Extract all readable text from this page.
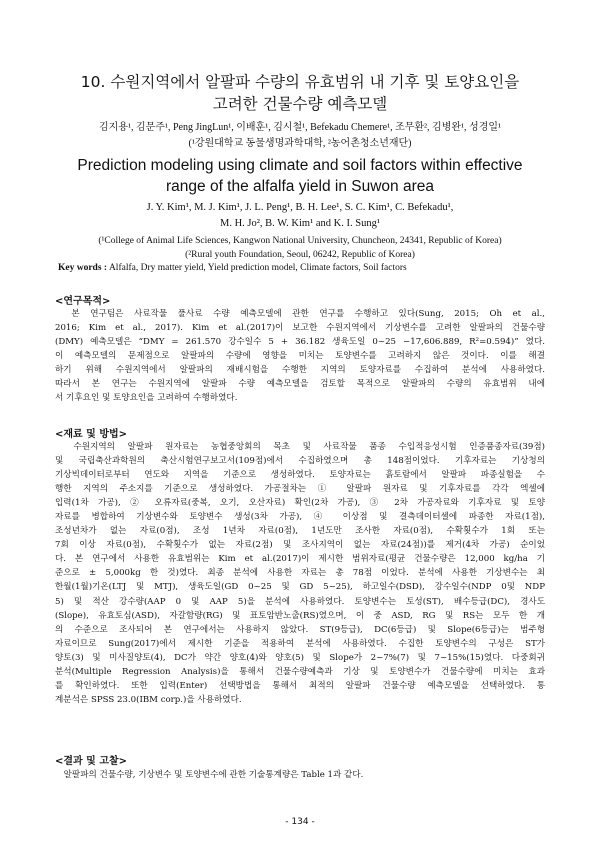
10. 수원지역에서 알팔파 수량의 유효범위 내 기후 및 토양요인을
고려한 건물수량 예측모델
김지용¹, 김문주¹, Peng JingLun¹, 이배훈¹, 김시철¹, Befekadu Chemere¹, 조무환², 김병완¹, 성경일¹
(¹강원대학교 동물생명과학대학, ²농어촌청소년재단)
Prediction modeling using climate and soil factors within effective
range of the alfalfa yield in Suwon area
J. Y. Kim¹, M. J. Kim¹, J. L. Peng¹, B. H. Lee¹, S. C. Kim¹, C. Befekadu¹,
M. H. Jo², B. W. Kim¹ and K. I. Sung¹
(¹College of Animal Life Sciences, Kangwon National University, Chuncheon, 24341, Republic of Korea)
(²Rural youth Foundation, Seoul, 06242, Republic of Korea)
Key words : Alfalfa, Dry matter yield, Yield prediction model, Climate factors, Soil factors
<연구목적>
　본 연구팀은 사료작물 풀사료 수량 예측모델에 관한 연구를 수행하고 있다(Sung, 2015; Oh et al.,
2016; Kim et al., 2017). Kim et al.(2017)이 보고한 수원지역에서 기상변수를 고려한 알팔파의 건물수량
(DMY) 예측모델은 “DMY = 261.570 강수일수 5 + 36.182 생육도일 0~25 −17,606.889, R²=0.594)” 였다.
이 예측모델의 문제점으로 알팔파의 수량에 영향을 미치는 토양변수를 고려하지 않은 것이다. 이를 해결
하기 위해 수원지역에서 알팔파의 재배시험을 수행한 지역의 토양자료를 수집하여 분석에 사용하였다.
따라서 본 연구는 수원지역에 알팔파 수량 예측모델을 검토할 목적으로 알팔파의 수량의 유효범위 내에
서 기후요인 및 토양요인을 고려하여 수행하였다.
<재료 및 방법>
　수원지역의 알팔파 원자료는 농협중앙회의 목초 및 사료작물 품종 수입적응성시험 인증품종자료(39점)
및 국립축산과학원의 축산시험연구보고서(109점)에서 수집하였으며 총 148점이었다. 기후자료는 기상청의
기상빅데이터로부터 연도와 지역을 기준으로 생성하였다. 토양자료는 흙토람에서 알팔파 파종실험을 수
행한 지역의 주소지를 기준으로 생성하였다. 가공절차는 ① 알팔파 원자료 및 기후자료를 각각 엑셀에
입력(1차 가공), ② 오류자료(중복, 오기, 오산자료) 확인(2차 가공), ③ 2차 가공자료와 기후자료 및 토양
자료를 병합하여 기상변수와 토양변수 생성(3차 가공), ④ 이상점 및 결측데이터셀에 파종한 자료(1점),
조성년차가 없는 자료(0점), 조성 1년차 자료(0점), 1년도만 조사한 자료(0점), 수확횟수가 1회 또는
7회 이상 자료(0점), 수확횟수가 없는 자료(2점) 및 조사지역이 없는 자료(24점))를 제거(4차 가공) 순이었
다. 본 연구에서 사용한 유효범위는 Kim et al.(2017)이 제시한 범위자료(평균 건물수량은 12,000 kg/ha 기
준으로 ± 5,000kg 한 것)였다. 최종 분석에 사용한 자료는 총 78점 이었다. 분석에 사용한 기상변수는 최
한월(1월)기온(LTJ 및 MTJ), 생육도일(GD 0~25 및 GD 5~25), 하고일수(DSD), 강수일수(NDP 0및 NDP
5) 및 적산 강수량(AAP 0 및 AAP 5)을 분석에 사용하였다. 토양변수는 토성(ST), 배수등급(DC), 경사도
(Slope), 유효토심(ASD), 자갈함량(RG) 및 표토암반노출(RS)였으며, 이 중 ASD, RG 및 RS는 모두 한 개
의 수준으로 조사되어 본 연구에서는 사용하지 않았다. ST(9등급), DC(6등급) 및 Slope(6등급)는 범주형
자료이므로 Sung(2017)에서 제시한 기준을 적용하여 분석에 사용하였다. 수집한 토양변수의 구성은 ST가
양토(3) 및 미사질양토(4), DC가 약간 양호(4)와 양호(5) 및 Slope가 2~7%(7) 및 7~15%(15)였다. 다중회귀
분석(Multiple Regression Analysis)을 통해서 건물수량예측과 기상 및 토양변수가 건물수량에 미치는 효과
를 확인하였다. 또한 입력(Enter) 선택방법을 통해서 최적의 알팔파 건물수량 예측모델을 선택하였다. 통
계분석은 SPSS 23.0(IBM corp.)을 사용하였다.
<결과 및 고찰>
　알팔파의 건물수량, 기상변수 및 토양변수에 관한 기술통계량은 Table 1과 같다.
- 134 -
